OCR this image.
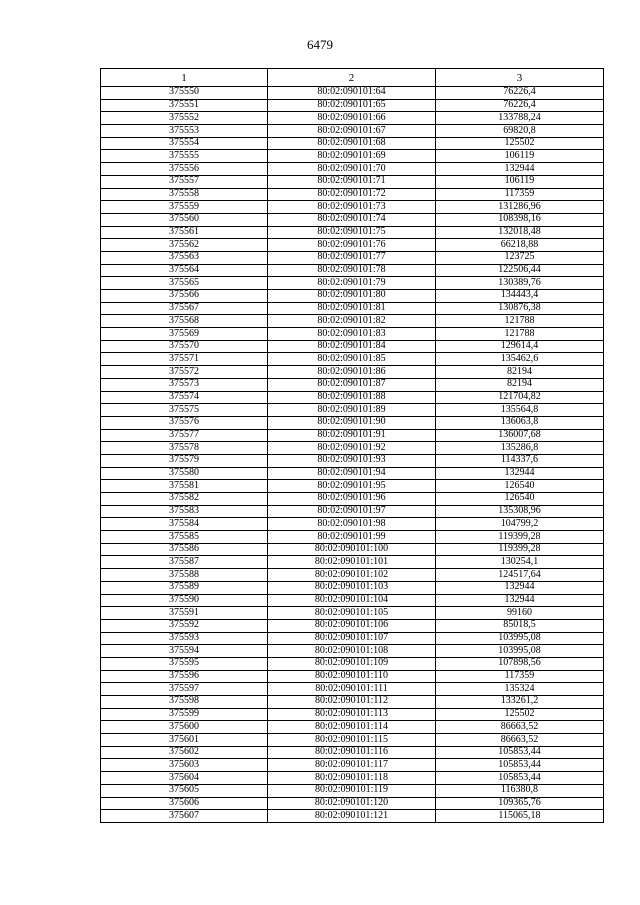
6479
1	2	3
375550	80:02:090101:64	76226,4
375551	80:02:090101:65	76226,4
375552	80:02:090101:66	133788,24
375553	80:02:090101:67	69820,8
375554	80:02:090101:68	125502
375555	80:02:090101:69	106119
375556	80:02:090101:70	132944
375557	80:02:090101:71	106119
375558	80:02:090101:72	117359
375559	80:02:090101:73	131286,96
375560	80:02:090101:74	108398,16
375561	80:02:090101:75	132018,48
375562	80:02:090101:76	66218,88
375563	80:02:090101:77	123725
375564	80:02:090101:78	122506,44
375565	80:02:090101:79	130389,76
375566	80:02:090101:80	134443,4
375567	80:02:090101:81	130876,38
375568	80:02:090101:82	121788
375569	80:02:090101:83	121788
375570	80:02:090101:84	129614,4
375571	80:02:090101:85	135462,6
375572	80:02:090101:86	82194
375573	80:02:090101:87	82194
375574	80:02:090101:88	121704,82
375575	80:02:090101:89	135564,8
375576	80:02:090101:90	136063,8
375577	80:02:090101:91	136007,68
375578	80:02:090101:92	135286,8
375579	80:02:090101:93	114337,6
375580	80:02:090101:94	132944
375581	80:02:090101:95	126540
375582	80:02:090101:96	126540
375583	80:02:090101:97	135308,96
375584	80:02:090101:98	104799,2
375585	80:02:090101:99	119399,28
375586	80:02:090101:100	119399,28
375587	80:02:090101:101	130254,1
375588	80:02:090101:102	124517,64
375589	80:02:090101:103	132944
375590	80:02:090101:104	132944
375591	80:02:090101:105	99160
375592	80:02:090101:106	85018,5
375593	80:02:090101:107	103995,08
375594	80:02:090101:108	103995,08
375595	80:02:090101:109	107898,56
375596	80:02:090101:110	117359
375597	80:02:090101:111	135324
375598	80:02:090101:112	133261,2
375599	80:02:090101:113	125502
375600	80:02:090101:114	86663,52
375601	80:02:090101:115	86663,52
375602	80:02:090101:116	105853,44
375603	80:02:090101:117	105853,44
375604	80:02:090101:118	105853,44
375605	80:02:090101:119	116380,8
375606	80:02:090101:120	109365,76
375607	80:02:090101:121	115065,18
